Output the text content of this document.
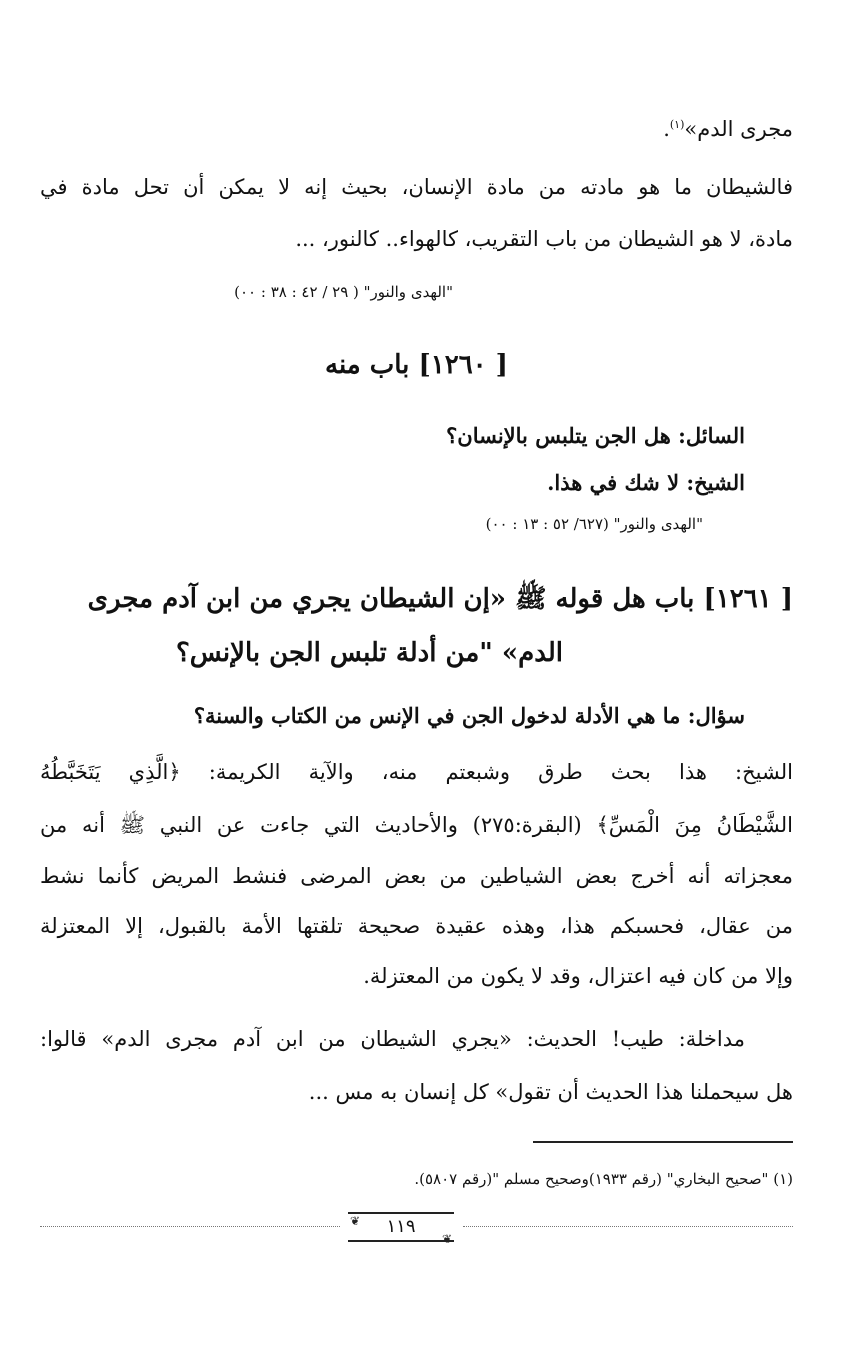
مجرى الدم»$^{(١)}$.
فالشيطان ما هو مادته من مادة الإنسان، بحيث إنه لا يمكن أن تحل مادة في
مادة، لا هو الشيطان من باب التقريب، كالهواء.. كالنور، ...
"الهدى والنور" ( ٢٩ / ٤٢ : ٣٨ : ٠٠)
[ ١٢٦٠] باب منه
السائل: هل الجن يتلبس بالإنسان؟
الشيخ: لا شك في هذا.
"الهدى والنور" (٦٢٧/ ٥٢ : ١٣ : ٠٠)
[ ١٢٦١] باب هل قوله ﷺ «إن الشيطان يجري من ابن آدم مجرى
الدم» "من أدلة تلبس الجن بالإنس؟
سؤال: ما هي الأدلة لدخول الجن في الإنس من الكتاب والسنة؟
الشيخ: هذا بحث طرق وشبعتم منه، والآية الكريمة: ﴿الَّذِي يَتَخَبَّطُهُ
الشَّيْطَانُ مِنَ الْمَسِّ﴾ (البقرة:٢٧٥) والأحاديث التي جاءت عن النبي ﷺ أنه من
معجزاته أنه أخرج بعض الشياطين من بعض المرضى فنشط المريض كأنما نشط
من عقال، فحسبكم هذا، وهذه عقيدة صحيحة تلقتها الأمة بالقبول، إلا المعتزلة
وإلا من كان فيه اعتزال، وقد لا يكون من المعتزلة.
مداخلة: طيب! الحديث: «يجري الشيطان من ابن آدم مجرى الدم» قالوا:
هل سيحملنا هذا الحديث أن تقول» كل إنسان به مس ...
(١) "صحيح البخاري" (رقم ١٩٣٣)وصحيح مسلم "(رقم ٥٨٠٧).
١١٩
❦
❦
